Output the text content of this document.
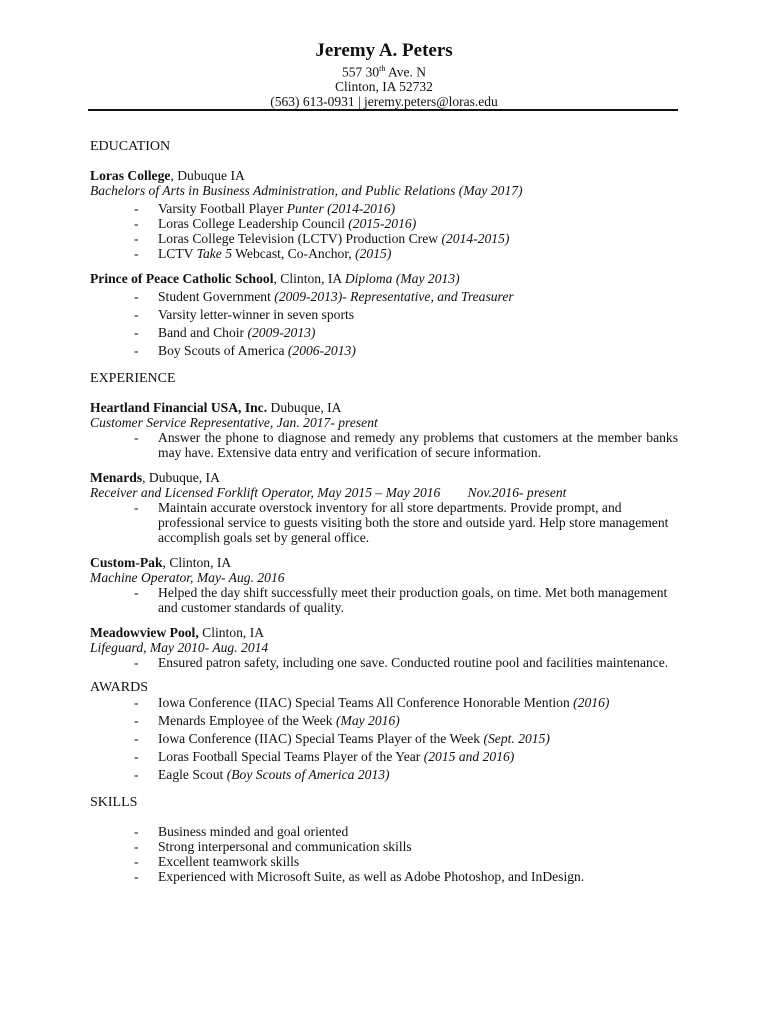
Jeremy A. Peters
557 30th Ave. N
Clinton, IA 52732
(563) 613-0931 | jeremy.peters@loras.edu
EDUCATION
Loras College, Dubuque IA
Bachelors of Arts in Business Administration, and Public Relations (May 2017)
- Varsity Football Player Punter (2014-2016)
- Loras College Leadership Council (2015-2016)
- Loras College Television (LCTV) Production Crew (2014-2015)
- LCTV Take 5 Webcast, Co-Anchor, (2015)
Prince of Peace Catholic School, Clinton, IA Diploma (May 2013)
- Student Government (2009-2013)- Representative, and Treasurer
- Varsity letter-winner in seven sports
- Band and Choir (2009-2013)
- Boy Scouts of America (2006-2013)
EXPERIENCE
Heartland Financial USA, Inc. Dubuque, IA
Customer Service Representative, Jan. 2017- present
- Answer the phone to diagnose and remedy any problems that customers at the member banks may have. Extensive data entry and verification of secure information.
Menards, Dubuque, IA
Receiver and Licensed Forklift Operator, May 2015 – May 2016        Nov.2016- present
- Maintain accurate overstock inventory for all store departments. Provide prompt, and professional service to guests visiting both the store and outside yard. Help store management accomplish goals set by general office.
Custom-Pak, Clinton, IA
Machine Operator, May- Aug. 2016
- Helped the day shift successfully meet their production goals, on time. Met both management and customer standards of quality.
Meadowview Pool, Clinton, IA
Lifeguard, May 2010- Aug. 2014
- Ensured patron safety, including one save. Conducted routine pool and facilities maintenance.
AWARDS
- Iowa Conference (IIAC) Special Teams All Conference Honorable Mention (2016)
- Menards Employee of the Week (May 2016)
- Iowa Conference (IIAC) Special Teams Player of the Week (Sept. 2015)
- Loras Football Special Teams Player of the Year (2015 and 2016)
- Eagle Scout (Boy Scouts of America 2013)
SKILLS
- Business minded and goal oriented
- Strong interpersonal and communication skills
- Excellent teamwork skills
- Experienced with Microsoft Suite, as well as Adobe Photoshop, and InDesign.
